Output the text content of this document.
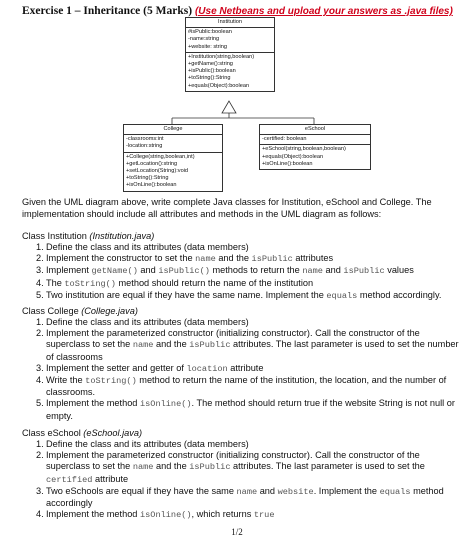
Exercise 1 – Inheritance (5 Marks) (Use Netbeans and upload your answers as .java files)
Institution
#isPublic:boolean
-name:string
+website: string
+Institution(string,boolean)
+getName():string
+isPublic():boolean
+toString():String
+equals(Object):boolean
College
-classrooms:int
-location:string
+College(string,boolean,int)
+getLocation():string
+setLocation(String):void
+toString():String
+isOnLine():boolean
eSchool
-certified: boolean
+eSchool(string,boolean,boolean)
+equals(Object):boolean
+isOnLine():boolean

Given the UML diagram above, write complete Java classes for Institution, eSchool and College. The implementation should include all attributes and methods in the UML diagram as follows:

Class Institution (Institution.java)

1. Define the class and its attributes (data members)
2. Implement the constructor to set the name and the isPublic attributes
3. Implement getName() and isPublic() methods to return the name and isPublic values
4. The toString() method should return the name of the institution
5. Two institution are equal if they have the same name. Implement the equals method accordingly.

Class College (College.java)

1. Define the class and its attributes (data members)
2. Implement the parameterized constructor (initializing constructor). Call the constructor of the superclass to set the name and the isPublic attributes. The last parameter is used to set the number of classrooms
3. Implement the setter and getter of location attribute
4. Write the toString() method to return the name of the institution, the location, and the number of classrooms.
5. Implement the method isOnline(). The method should return true if the website String is not null or empty.

Class eSchool (eSchool.java)

1. Define the class and its attributes (data members)
2. Implement the parameterized constructor (initializing constructor). Call the constructor of the superclass to set the name and the isPublic attributes. The last parameter is used to set the certified attribute
3. Two eSchools are equal if they have the same name and website. Implement the equals method accordingly
4. Implement the method isOnline(), which returns true

1/2
